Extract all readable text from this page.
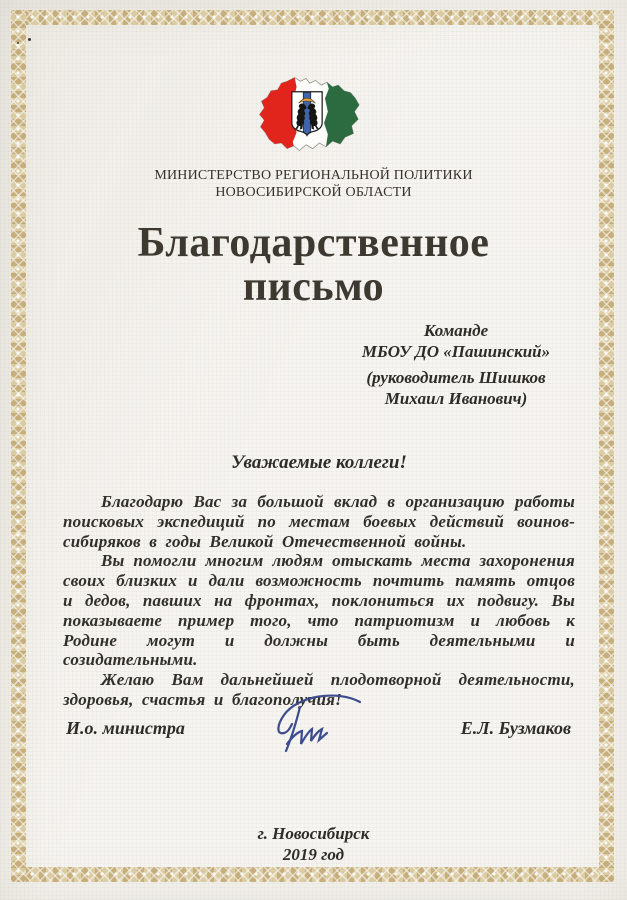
МИНИСТЕРСТВО РЕГИОНАЛЬНОЙ ПОЛИТИКИ
НОВОСИБИРСКОЙ ОБЛАСТИ
Благодарственное
письмо
Команде
МБОУ ДО «Пашинский»
(руководитель Шишков
Михаил Иванович)
Уважаемые коллеги!

Благодарю Вас за большой вклад в организацию работы поисковых экспедиций по местам боевых действий воинов-сибиряков в годы Великой Отечественной войны.

Вы помогли многим людям отыскать места захоронения своих близких и дали возможность почтить память отцов и дедов, павших на фронтах, поклониться их подвигу. Вы показываете пример того, что патриотизм и любовь к Родине могут и должны быть деятельными и созидательными.

Желаю Вам дальнейшей плодотворной деятельности, здоровья, счастья и благополучия!

И.о. министра	Е.Л. Бузмаков
г. Новосибирск
2019 год
